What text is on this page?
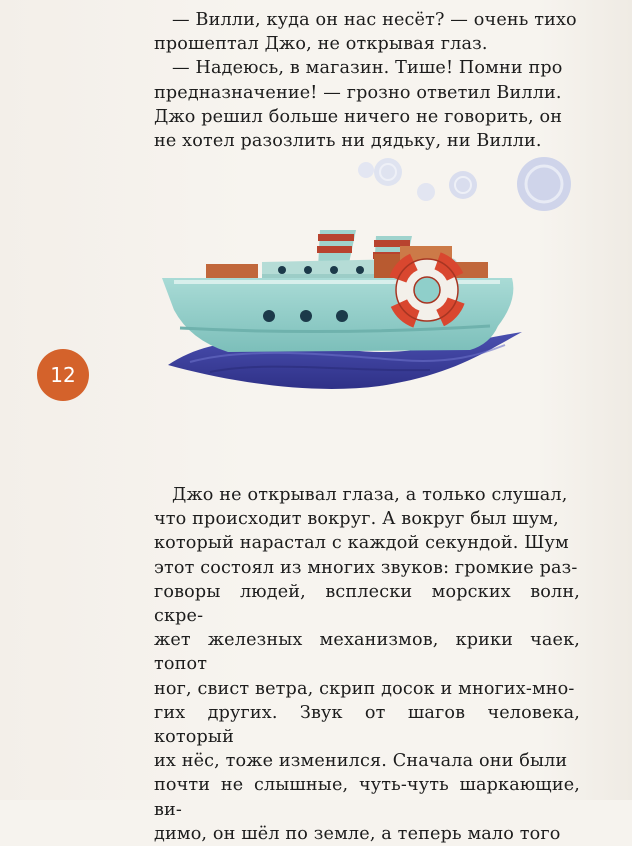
— Вилли, куда он нас несёт? — очень тихо
прошептал Джо, не открывая глаз.
— Надеюсь, в магазин. Тише! Помни про
предназначение! — грозно ответил Вилли.
Джо решил больше ничего не говорить, он
не хотел разозлить ни дядьку, ни Вилли.
12
Джо не открывал глаза, а только слушал,
что происходит вокруг. А вокруг был шум,
который нарастал с каждой секундой. Шум
этот состоял из многих звуков: громкие раз-
говоры людей, всплески морских волн, скре-
жет железных механизмов, крики чаек, топот
ног, свист ветра, скрип досок и многих-мно-
гих других. Звук от шагов человека, который
их нёс, тоже изменился. Сначала они были
почти не слышные, чуть-чуть шаркающие, ви-
димо, он шёл по земле, а теперь мало того
